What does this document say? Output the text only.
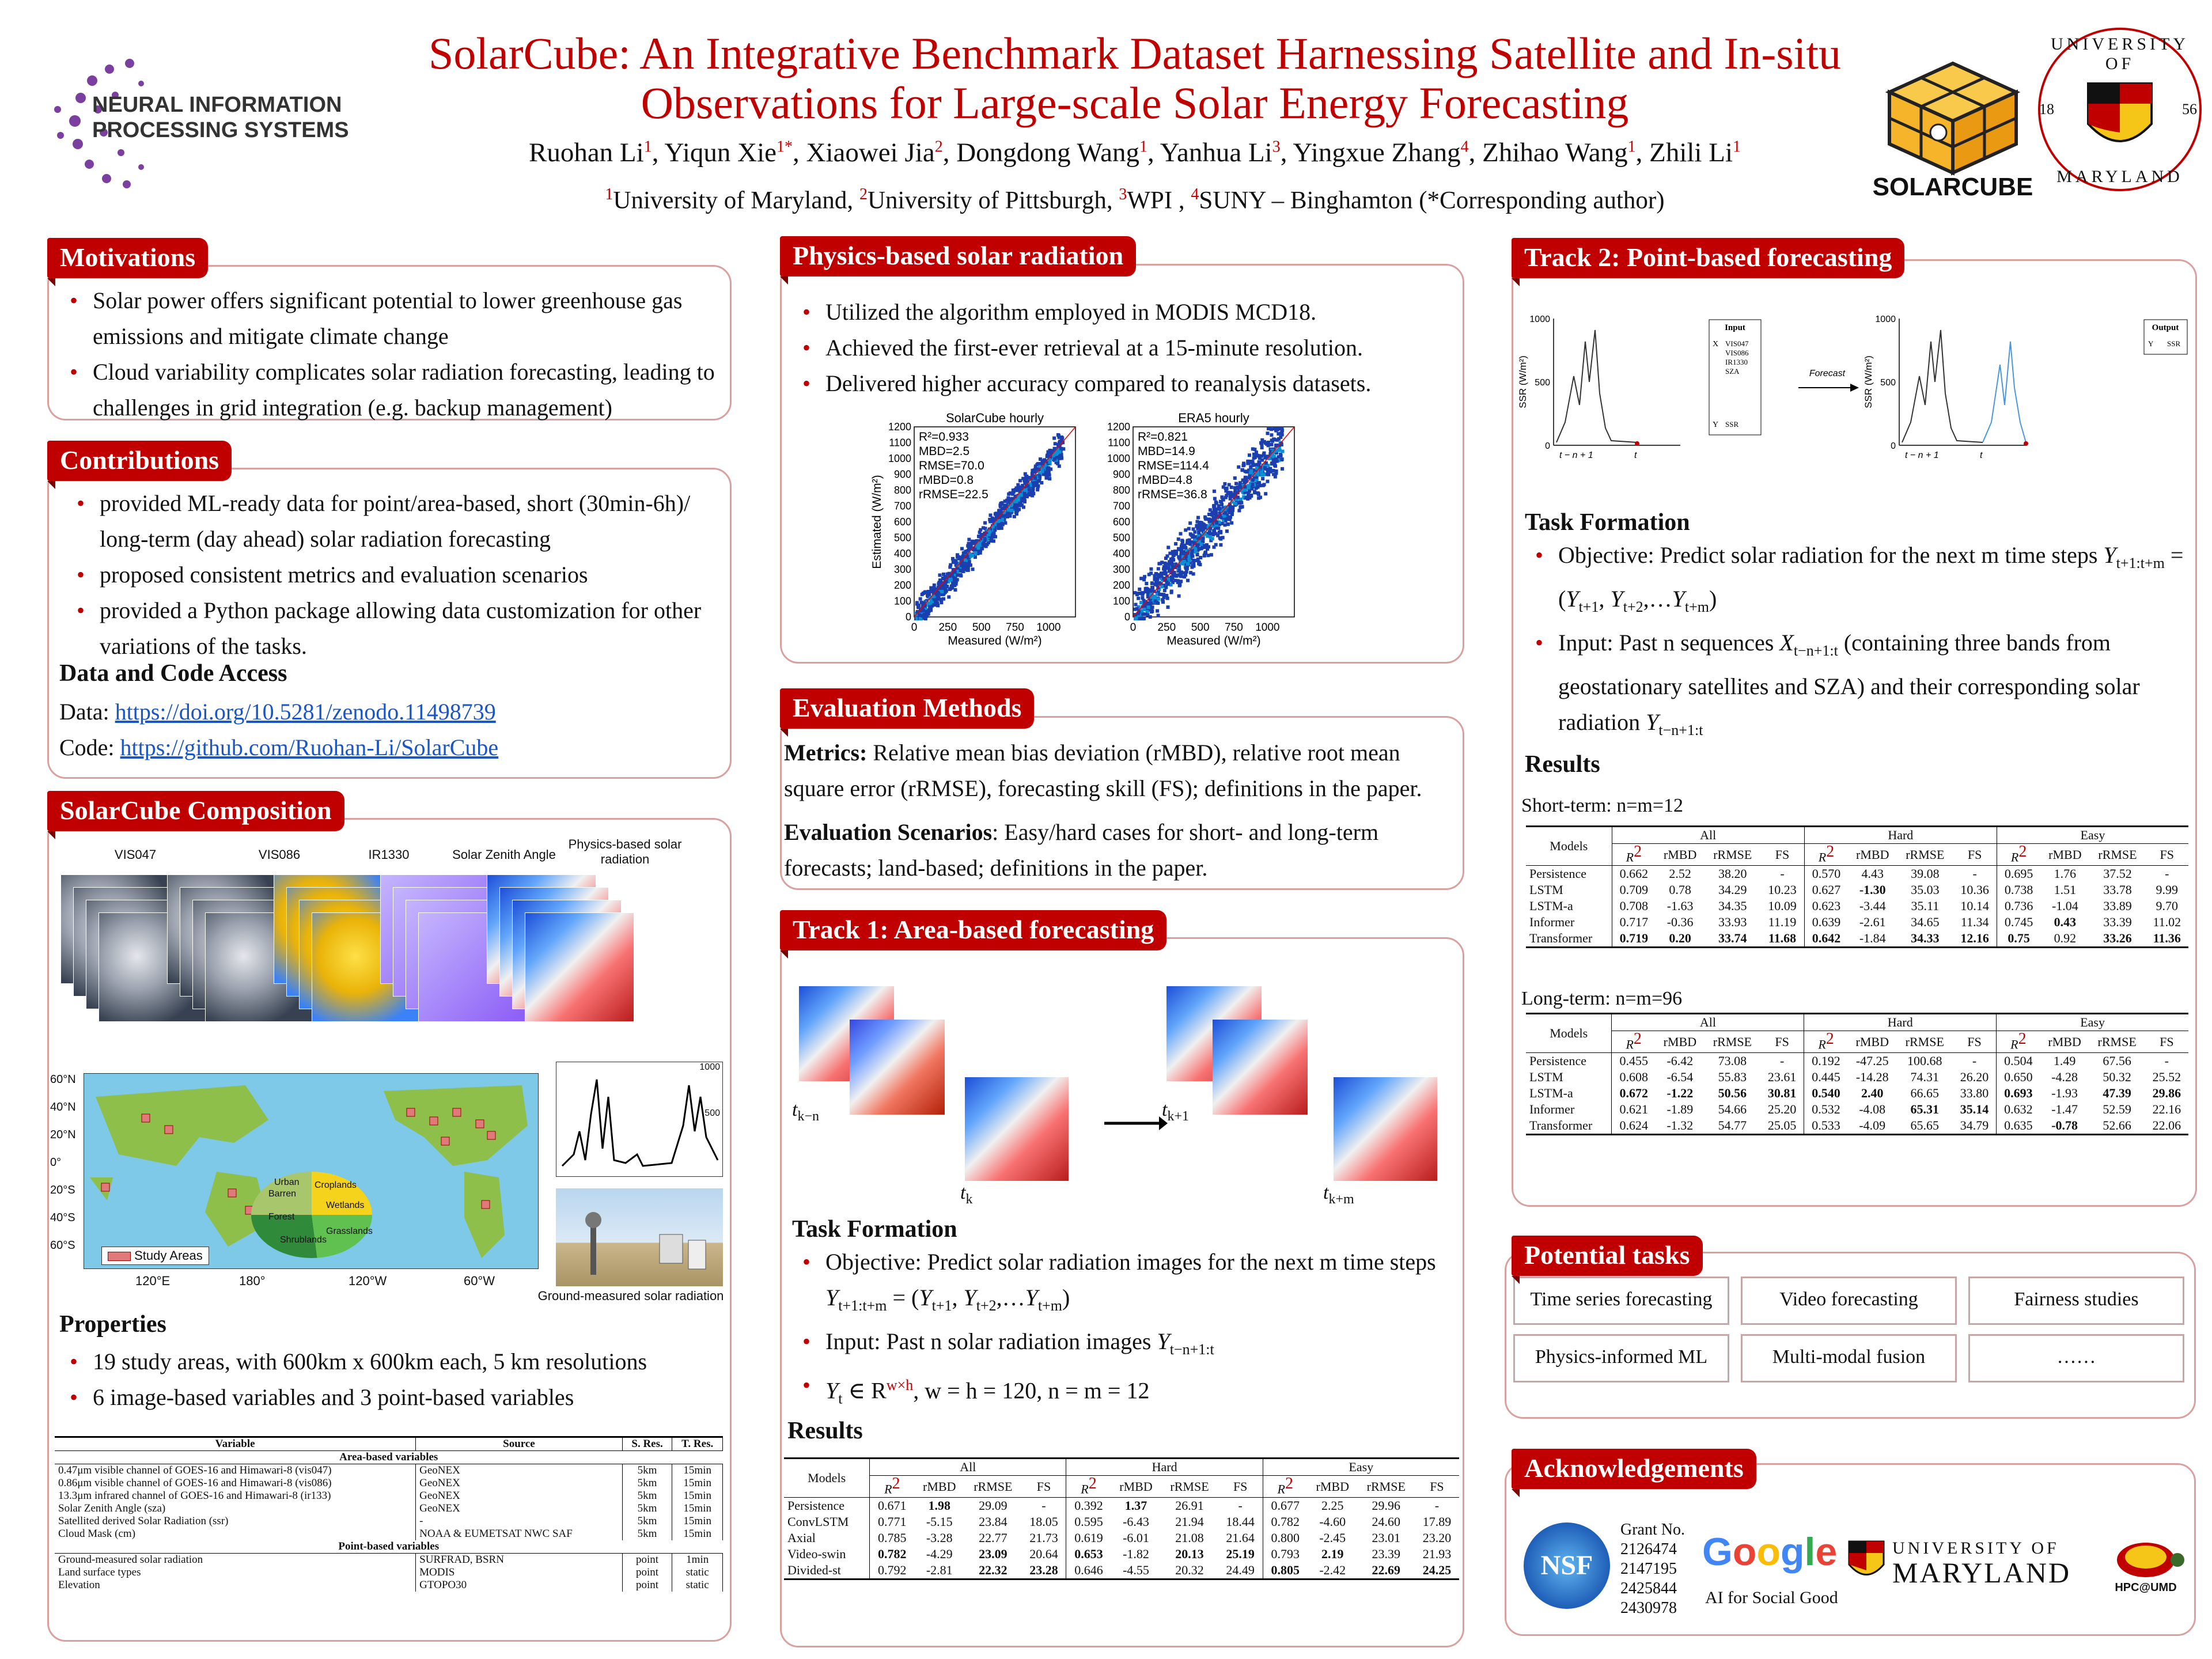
NEURAL INFORMATION PROCESSING SYSTEMS
SolarCube: An Integrative Benchmark Dataset Harnessing Satellite and In-situ
Observations for Large-scale Solar Energy Forecasting
Ruohan Li$^1$, Yiqun Xie$^{1*}$, Xiaowei Jia$^2$, Dongdong Wang$^1$, Yanhua Li$^3$, Yingxue Zhang$^4$, Zhihao Wang$^1$, Zhili Li$^1$
$^1$University of Maryland, $^2$University of Pittsburgh, $^3$WPI , $^4$SUNY – Binghamton (*Corresponding author)	SOLARCUBE
UNIVERSITY OF
MARYLAND
18	56
Motivations
• Solar power offers significant potential to lower greenhouse gas emissions and mitigate climate change
• Cloud variability complicates solar radiation forecasting, leading to challenges in grid integration (e.g. backup management)
Contributions
• provided ML-ready data for point/area-based, short (30min-6h)/ long-term (day ahead) solar radiation forecasting
• proposed consistent metrics and evaluation scenarios
• provided a Python package allowing data customization for other variations of the tasks.
Data and Code Access
Data: https://doi.org/10.5281/zenodo.11498739
Code: https://github.com/Ruohan-Li/SolarCube
SolarCube Composition
VIS047	VIS086	IR1330	Solar Zenith Angle
Physics-based solar radiation
Urban
Barren
Croplands
Wetlands
Forest
Shrublands
Grasslands
Study Areas
60°N
40°N
20°N
0°
20°S
40°S
60°S
120°E	180°	120°W	60°W
1000
500
Ground-measured solar radiation
Properties
• 19 study areas, with 600km x 600km each, 5 km resolutions
• 6 image-based variables and 3 point-based variables
Variable	Source	S. Res.	T. Res.
Area-based variables			
0.47μm visible channel of GOES-16 and Himawari-8 (vis047)	GeoNEX	5km	15min
0.86μm visible channel of GOES-16 and Himawari-8 (vis086)	GeoNEX	5km	15min
13.3μm infrared channel of GOES-16 and Himawari-8 (ir133)	GeoNEX	5km	15min
Solar Zenith Angle (sza)	GeoNEX	5km	15min
Satellited derived Solar Radiation (ssr)	-	5km	15min
Cloud Mask (cm)	NOAA & EUMETSAT NWC SAF	5km	15min
Point-based variables			
Ground-measured solar radiation	SURFRAD, BSRN	point	1min
Land surface types	MODIS	point	static
Elevation	GTOPO30	point	static
Physics-based solar radiation
• Utilized the algorithm employed in MODIS MCD18.
• Achieved the first-ever retrieval at a 15-minute resolution.
• Delivered higher accuracy compared to reanalysis datasets.
SolarCube hourly
R²=0.933
MBD=2.5
RMSE=70.0
rMBD=0.8
rRMSE=22.5
0 250 500 750 1000
0
100
200
300
400
500
600
700
800
900
1000
1100
1200
Measured (W/m²)
Estimated (W/m²)
ERA5 hourly
R²=0.821
MBD=14.9
RMSE=114.4
rMBD=4.8
rRMSE=36.8
0 250 500 750 1000
0
100
200
300
400
500
600
700
800
900
1000
1100
1200
Measured (W/m²)
Evaluation Methods
Metrics: Relative mean bias deviation (rMBD), relative root mean square error (rRMSE), forecasting skill (FS); definitions in the paper.
Evaluation Scenarios: Easy/hard cases for short- and long-term forecasts; land-based; definitions in the paper.
Track 1: Area-based forecasting
$t_{k-n}$
$t_k$
$t_{k+1}$
$t_{k+m}$
Task Formation
• Objective: Predict solar radiation images for the next m time steps $Y_{t+1:t+m} = (Y_{t+1}$, $Y_{t+2},\dots Y_{t+m}$)
• Input: Past n solar radiation images $Y_{t-n+1:t}$
• $Y_t$ ∈ $R^{w\times h}$, w = h = 120, n = m = 12
Results
Models	All				Hard				Easy			
	$R^2$	rMBD	rRMSE	FS	$R^2$	rMBD	rRMSE	FS	$R^2$	rMBD	rRMSE	FS
Persistence	0.671	1.98	29.09	-	0.392	1.37	26.91	-	0.677	2.25	29.96	-
ConvLSTM	0.771	-5.15	23.84	18.05	0.595	-6.43	21.94	18.44	0.782	-4.60	24.60	17.89
Axial	0.785	-3.28	22.77	21.73	0.619	-6.01	21.08	21.64	0.800	-2.45	23.01	23.20
Video-swin	0.782	-4.29	23.09	20.64	0.653	-1.82	20.13	25.19	0.793	2.19	23.39	21.93
Divided-st	0.792	-2.81	22.32	23.28	0.646	-4.55	20.32	24.49	0.805	-2.42	22.69	24.25
Track 2: Point-based forecasting
0
500
1000
SSR (W/m²)
t − n + 1	t
0
500
1000
SSR (W/m²)
t − n + 1	t
Input
X VIS047
VIS086
IR1330
SZA
Y SSR
Forecast
Output
Y SSR
Task Formation
• Objective: Predict solar radiation for the next m time steps $Y_{t+1:t+m} = (Y_{t+1}$, $Y_{t+2},\dots Y_{t+m}$)
• Input: Past n sequences $X_{t-n+1:t}$ (containing three bands from geostationary satellites and SZA) and their corresponding solar radiation $Y_{t-n+1:t}$
Results
Short-term: n=m=12
Models	All				Hard				Easy			
	$R^2$	rMBD	rRMSE	FS	$R^2$	rMBD	rRMSE	FS	$R^2$	rMBD	rRMSE	FS
Persistence	0.662	2.52	38.20	-	0.570	4.43	39.08	-	0.695	1.76	37.52	-
LSTM	0.709	0.78	34.29	10.23	0.627	-1.30	35.03	10.36	0.738	1.51	33.78	9.99
LSTM-a	0.708	-1.63	34.35	10.09	0.623	-3.44	35.11	10.14	0.736	-1.04	33.89	9.70
Informer	0.717	-0.36	33.93	11.19	0.639	-2.61	34.65	11.34	0.745	0.43	33.39	11.02
Transformer	0.719	0.20	33.74	11.68	0.642	-1.84	34.33	12.16	0.75	0.92	33.26	11.36
Long-term: n=m=96
Models	All				Hard				Easy			
	$R^2$	rMBD	rRMSE	FS	$R^2$	rMBD	rRMSE	FS	$R^2$	rMBD	rRMSE	FS
Persistence	0.455	-6.42	73.08	-	0.192	-47.25	100.68	-	0.504	1.49	67.56	-
LSTM	0.608	-6.54	55.83	23.61	0.445	-14.28	74.31	26.20	0.650	-4.28	50.32	25.52
LSTM-a	0.672	-1.22	50.56	30.81	0.540	2.40	66.65	33.80	0.693	-1.93	47.39	29.86
Informer	0.621	-1.89	54.66	25.20	0.532	-4.08	65.31	35.14	0.632	-1.47	52.59	22.16
Transformer	0.624	-1.32	54.77	25.05	0.533	-4.09	65.65	34.79	0.635	-0.78	52.66	22.06
Potential tasks
Time series forecasting	Video forecasting	Fairness studies
Physics-informed ML	Multi-modal fusion	……
Acknowledgements
NSF
Grant No.
2126474
2147195
2425844
2430978
Google
AI for Social Good
UNIVERSITY OF
MARYLAND	HPC@UMD
